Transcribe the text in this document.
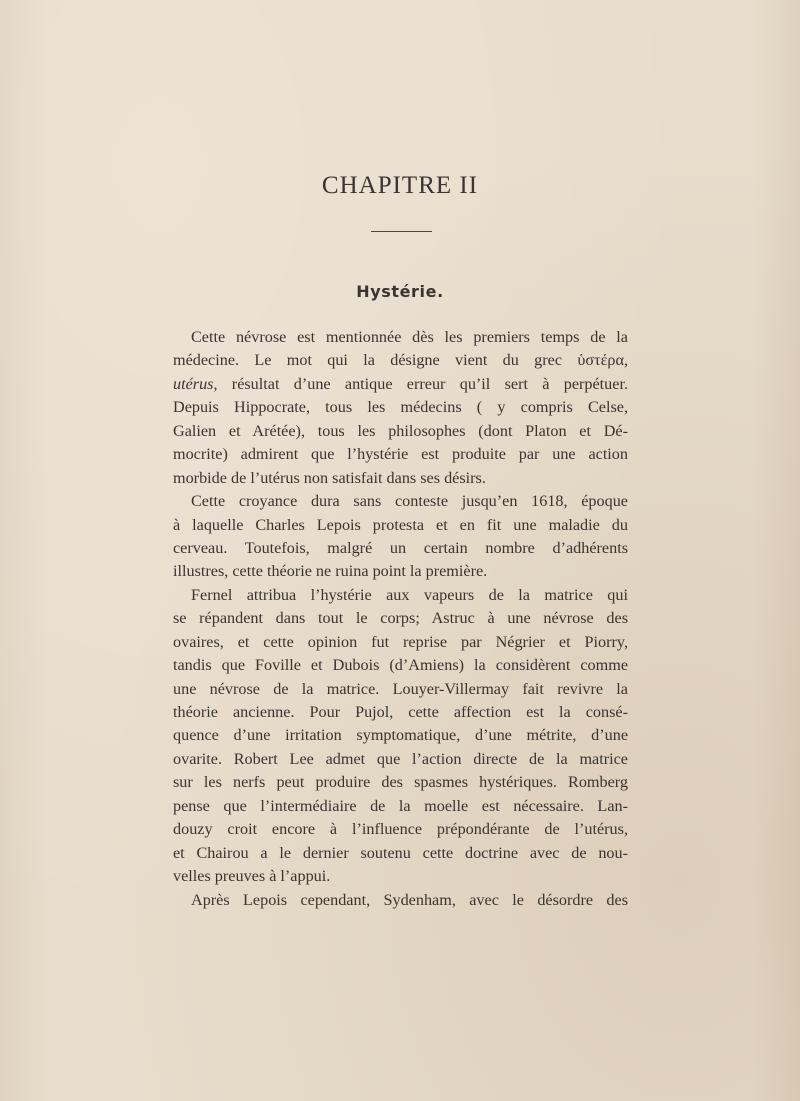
CHAPITRE II
Hystérie.
Cette névrose est mentionnée dès les premiers temps de la
médecine. Le mot qui la désigne vient du grec ὑστέρα,
utérus, résultat d’une antique erreur qu’il sert à perpétuer.
Depuis Hippocrate, tous les médecins ( y compris Celse,
Galien et Arétée), tous les philosophes (dont Platon et Dé-
mocrite) admirent que l’hystérie est produite par une action
morbide de l’utérus non satisfait dans ses désirs.
Cette croyance dura sans conteste jusqu’en 1618, époque
à laquelle Charles Lepois protesta et en fit une maladie du
cerveau. Toutefois, malgré un certain nombre d’adhérents
illustres, cette théorie ne ruina point la première.
Fernel attribua l’hystérie aux vapeurs de la matrice qui
se répandent dans tout le corps; Astruc à une névrose des
ovaires, et cette opinion fut reprise par Négrier et Piorry,
tandis que Foville et Dubois (d’Amiens) la considèrent comme
une névrose de la matrice. Louyer-Villermay fait revivre la
théorie ancienne. Pour Pujol, cette affection est la consé-
quence d’une irritation symptomatique, d’une métrite, d’une
ovarite. Robert Lee admet que l’action directe de la matrice
sur les nerfs peut produire des spasmes hystériques. Romberg
pense que l’intermédiaire de la moelle est nécessaire. Lan-
douzy croit encore à l’influence prépondérante de l’utérus,
et Chairou a le dernier soutenu cette doctrine avec de nou-
velles preuves à l’appui.
Après Lepois cependant, Sydenham, avec le désordre des
